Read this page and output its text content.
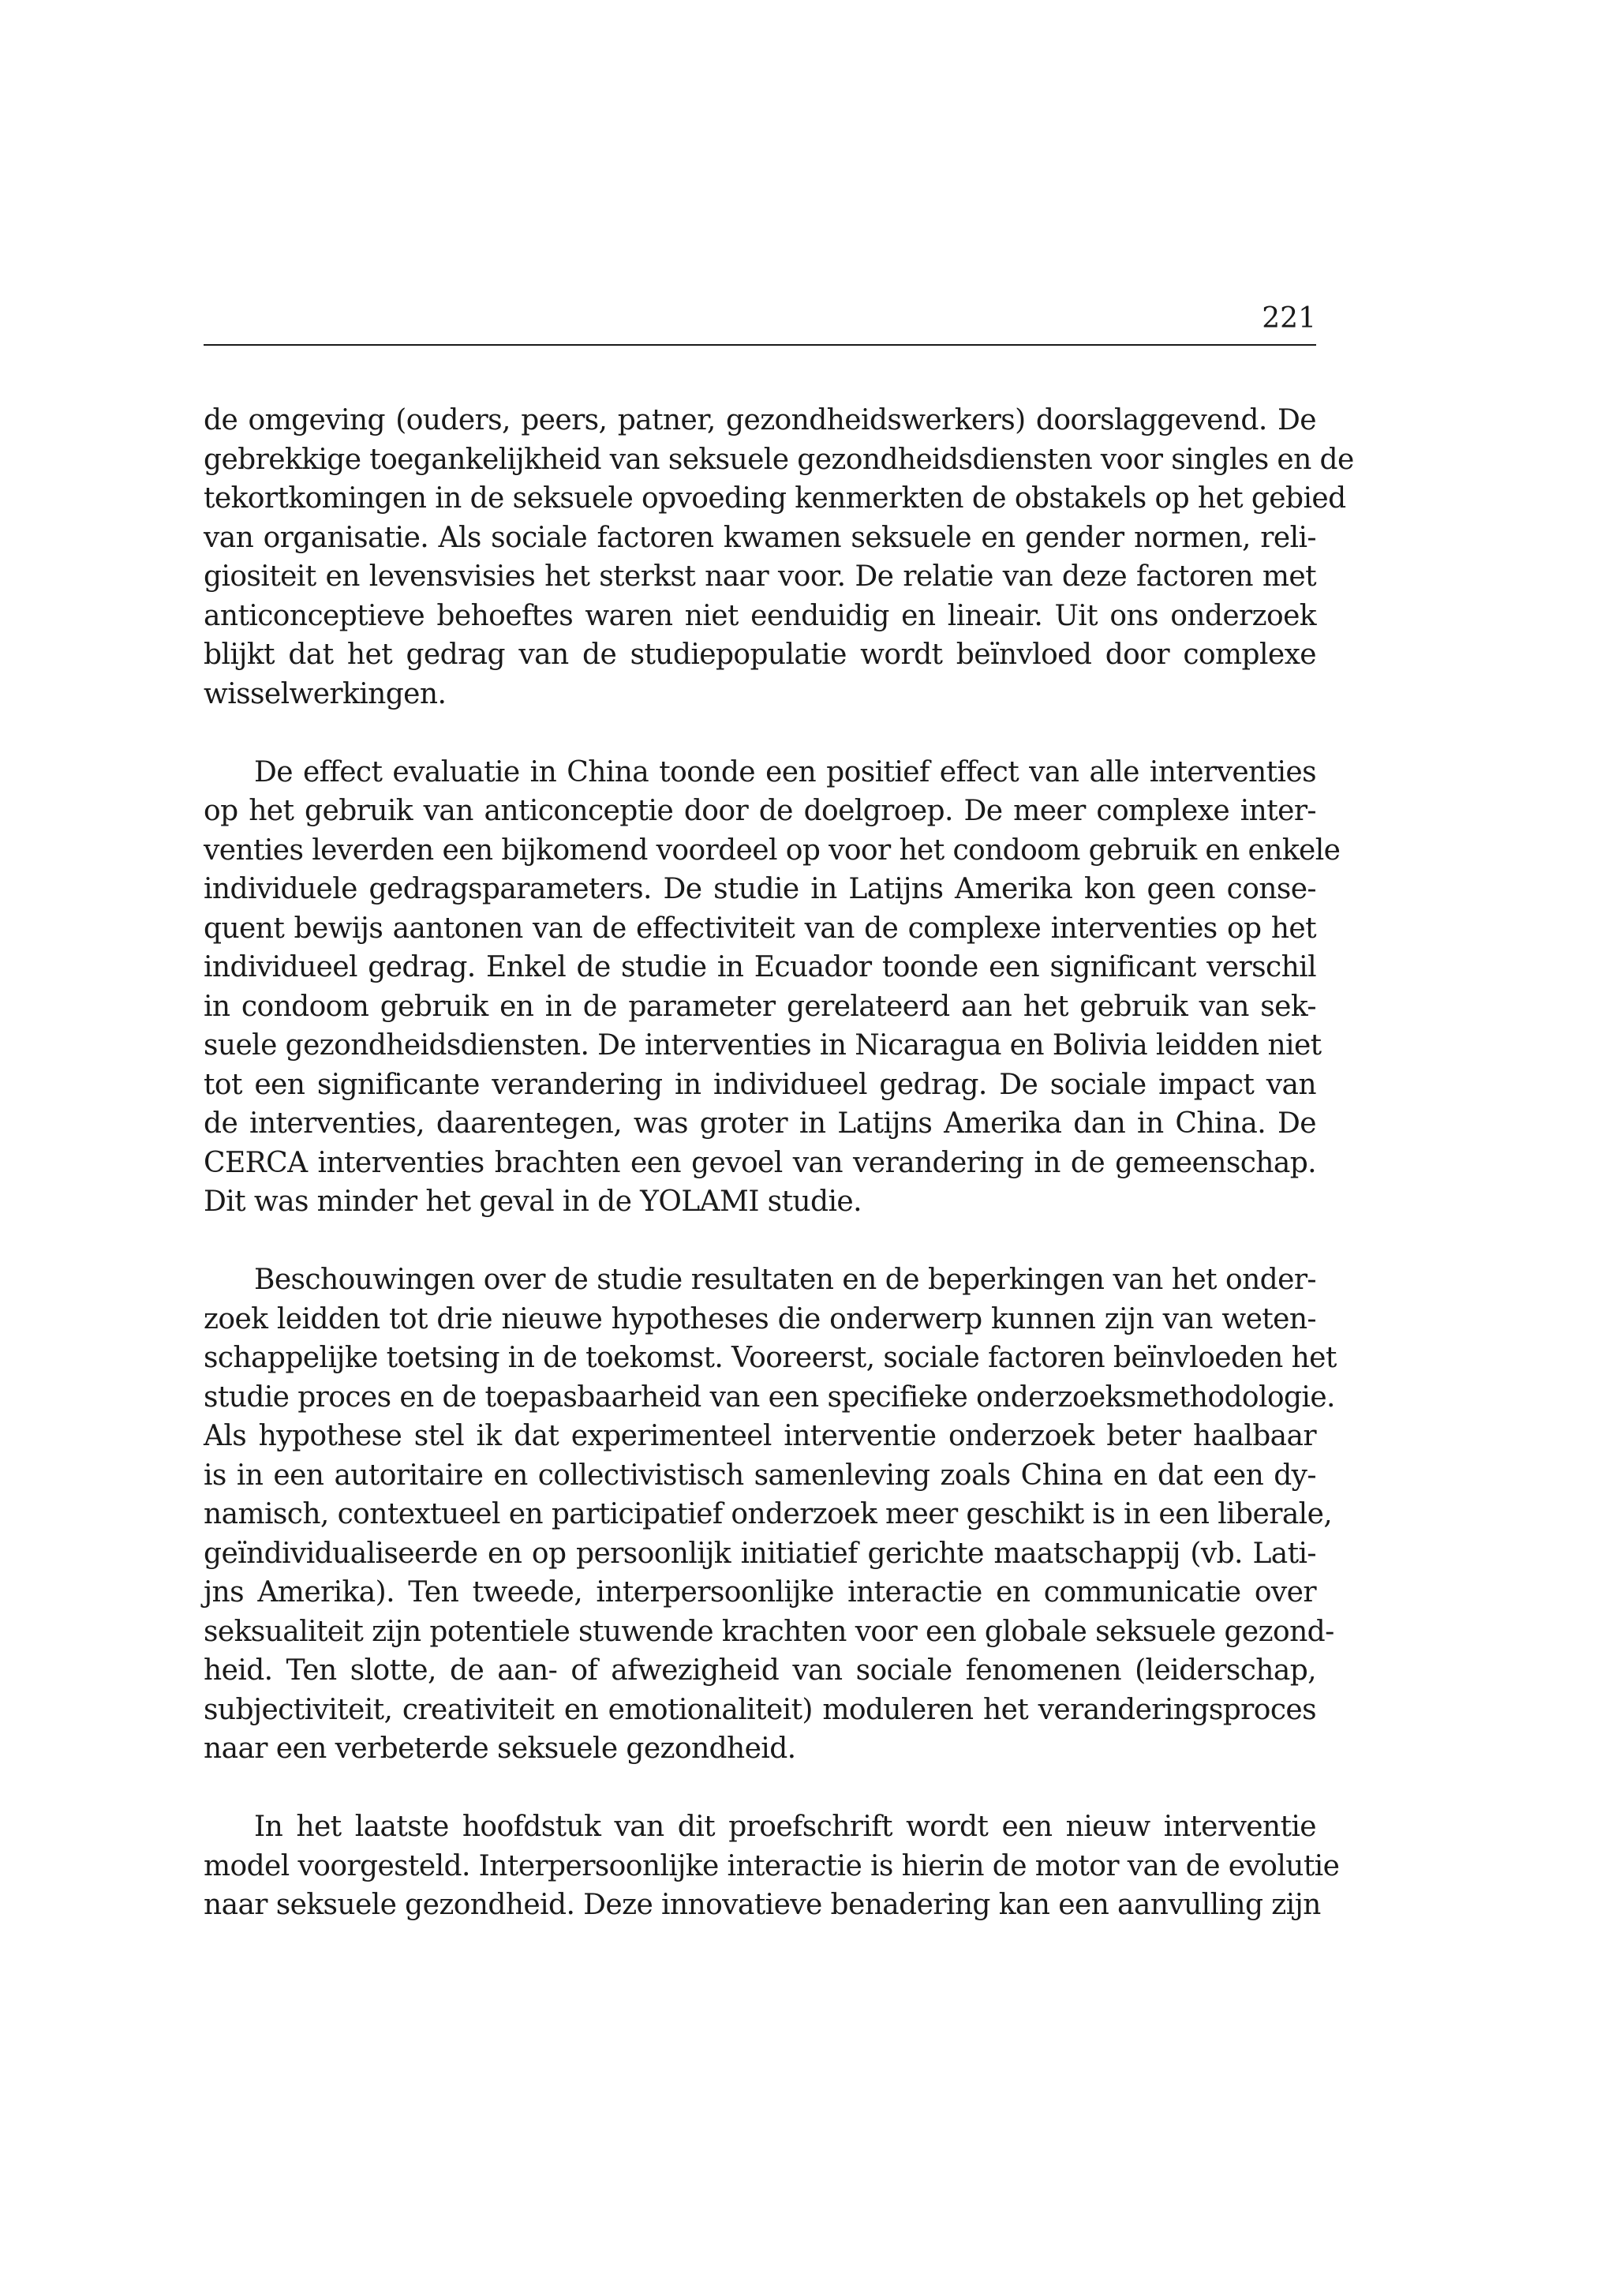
221

de omgeving (ouders, peers, patner, gezondheidswerkers) doorslaggevend. De
gebrekkige toegankelijkheid van seksuele gezondheidsdiensten voor singles en de
tekortkomingen in de seksuele opvoeding kenmerkten de obstakels op het gebied
van organisatie. Als sociale factoren kwamen seksuele en gender normen, reli-
giositeit en levensvisies het sterkst naar voor. De relatie van deze factoren met
anticonceptieve behoeftes waren niet eenduidig en lineair. Uit ons onderzoek
blijkt dat het gedrag van de studiepopulatie wordt beïnvloed door complexe
wisselwerkingen.

De effect evaluatie in China toonde een positief effect van alle interventies
op het gebruik van anticonceptie door de doelgroep. De meer complexe inter-
venties leverden een bijkomend voordeel op voor het condoom gebruik en enkele
individuele gedragsparameters. De studie in Latijns Amerika kon geen conse-
quent bewijs aantonen van de effectiviteit van de complexe interventies op het
individueel gedrag. Enkel de studie in Ecuador toonde een significant verschil
in condoom gebruik en in de parameter gerelateerd aan het gebruik van sek-
suele gezondheidsdiensten. De interventies in Nicaragua en Bolivia leidden niet
tot een significante verandering in individueel gedrag. De sociale impact van
de interventies, daarentegen, was groter in Latijns Amerika dan in China. De
CERCA interventies brachten een gevoel van verandering in de gemeenschap.
Dit was minder het geval in de YOLAMI studie.

Beschouwingen over de studie resultaten en de beperkingen van het onder-
zoek leidden tot drie nieuwe hypotheses die onderwerp kunnen zijn van weten-
schappelijke toetsing in de toekomst. Vooreerst, sociale factoren beïnvloeden het
studie proces en de toepasbaarheid van een specifieke onderzoeksmethodologie.
Als hypothese stel ik dat experimenteel interventie onderzoek beter haalbaar
is in een autoritaire en collectivistisch samenleving zoals China en dat een dy-
namisch, contextueel en participatief onderzoek meer geschikt is in een liberale,
geïndividualiseerde en op persoonlijk initiatief gerichte maatschappij (vb. Lati-
jns Amerika). Ten tweede, interpersoonlijke interactie en communicatie over
seksualiteit zijn potentiele stuwende krachten voor een globale seksuele gezond-
heid. Ten slotte, de aan- of afwezigheid van sociale fenomenen (leiderschap,
subjectiviteit, creativiteit en emotionaliteit) moduleren het veranderingsproces
naar een verbeterde seksuele gezondheid.

In het laatste hoofdstuk van dit proefschrift wordt een nieuw interventie
model voorgesteld. Interpersoonlijke interactie is hierin de motor van de evolutie
naar seksuele gezondheid. Deze innovatieve benadering kan een aanvulling zijn
